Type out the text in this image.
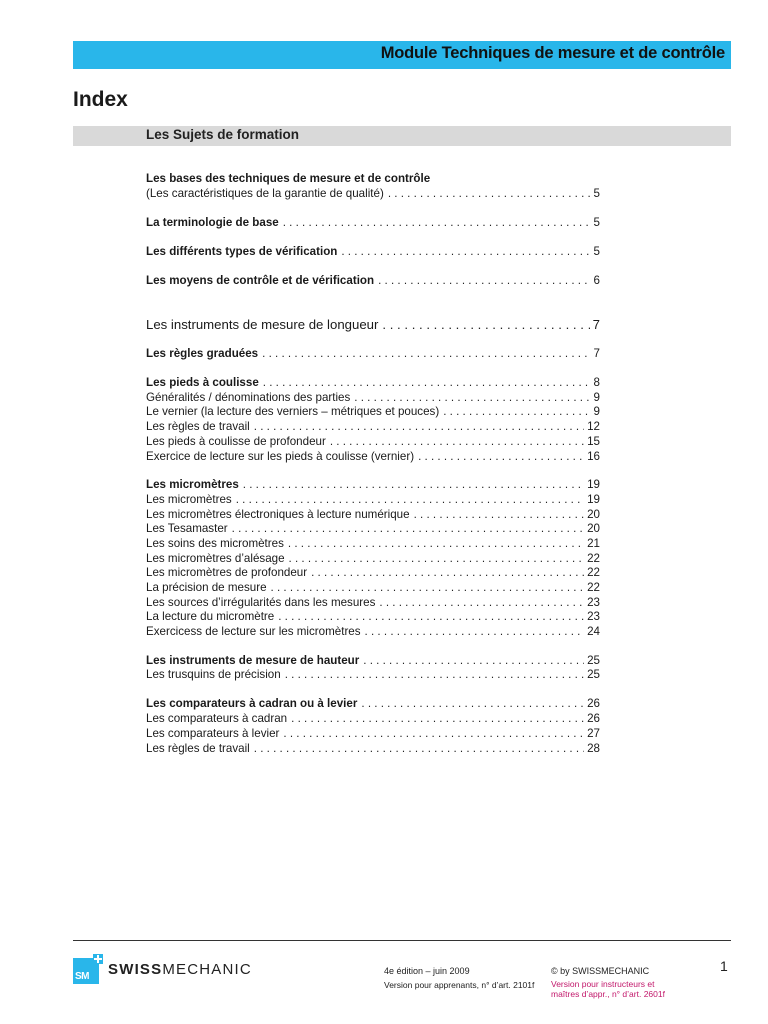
Module Techniques de mesure et de contrôle
Index
Les Sujets de formation
Les bases des techniques de mesure et de contrôle
(Les caractéristiques de la garantie de qualité) . . .	5
La terminologie de base . . .	5
Les différents types de vérification . . .	5
Les moyens de contrôle et de vérification . . .	6
Les instruments de mesure de longueur . . .	7
Les règles graduées . . .	7
Les pieds à coulisse . . .	8
Généralités / dénominations des parties . . .	9
Le vernier (la lecture des verniers – métriques et pouces) . . .	9
Les règles de travail . . .	12
Les pieds à coulisse de profondeur . . .	15
Exercice de lecture sur les pieds à coulisse (vernier) . . .	16
Les micromètres . . .	19
Les micromètres . . .	19
Les micromètres électroniques à lecture numérique . . .	20
Les Tesamaster . . .	20
Les soins des micromètres . . .	21
Les micromètres d’alésage . . .	22
Les micromètres de profondeur . . .	22
La précision de mesure . . .	22
Les sources d’irrégularités dans les mesures . . .	23
La lecture du micromètre . . .	23
Exercicess de lecture sur les micromètres . . .	24
Les instruments de mesure de hauteur . . .	25
Les trusquins de précision . . .	25
Les comparateurs à cadran ou à levier . . .	26
Les comparateurs à cadran . . .	26
Les comparateurs à levier . . .	27
Les règles de travail . . .	28
SM SWISSMECHANIC	4e édition – juin 2009
Version pour apprenants, n° d’art. 2101f
© by SWISSMECHANIC
Version pour instructeurs et
maîtres d’appr., n° d’art. 2601f
1
